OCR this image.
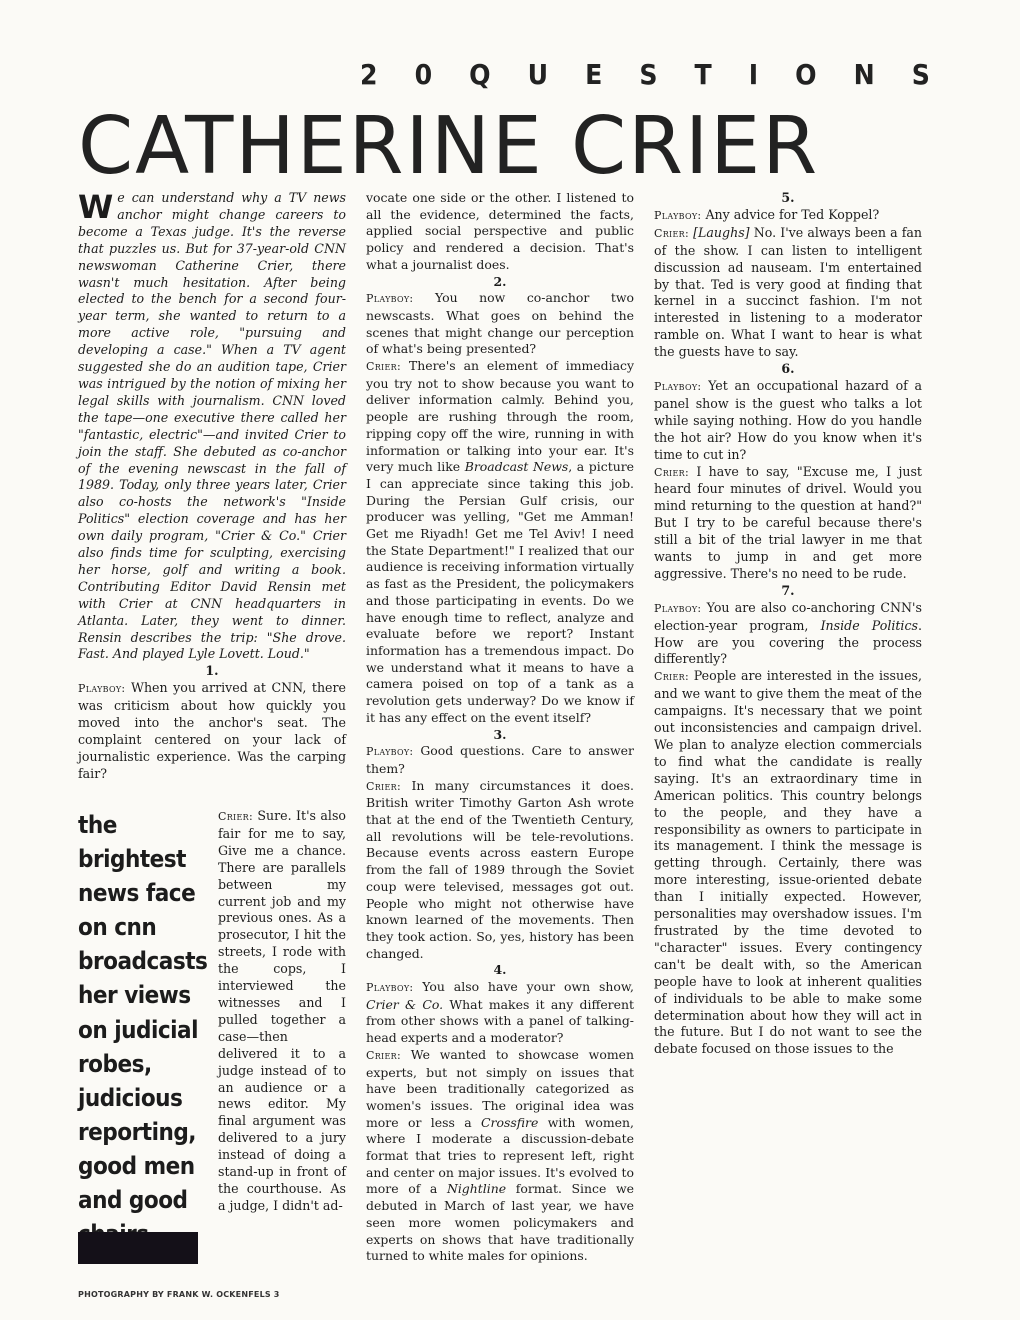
2 0 Q U E S T I O N S
CATHERINE CRIER

We can understand why a TV news anchor might change careers to become a Texas judge. It's the reverse that puzzles us. But for 37-year-old CNN newswoman Catherine Crier, there wasn't much hesitation. After being elected to the bench for a second four-year term, she wanted to return to a more active role, "pursuing and developing a case." When a TV agent suggested she do an audition tape, Crier was intrigued by the notion of mixing her legal skills with journalism. CNN loved the tape—one executive there called her "fantastic, electric"—and invited Crier to join the staff. She debuted as co-anchor of the evening newscast in the fall of 1989. Today, only three years later, Crier also co-hosts the network's "Inside Politics" election coverage and has her own daily program, "Crier & Co." Crier also finds time for sculpting, exercising her horse, golf and writing a book. Contributing Editor David Rensin met with Crier at CNN headquarters in Atlanta. Later, they went to dinner. Rensin describes the trip: "She drove. Fast. And played Lyle Lovett. Loud."

1.

Playboy: When you arrived at CNN, there was criticism about how quickly you moved into the anchor's seat. The complaint centered on your lack of journalistic experience. Was the carping fair?

the brightest
news face
on cnn
broadcasts
her views
on judicial
robes,
judicious
reporting,
good men
and good
Crier: Sure. It's also fair for me to say, Give me a chance. There are parallels between my current job and my previous ones. As a prosecutor, I hit the streets, I rode with the cops, I interviewed the witnesses and I pulled together a case—then delivered it to a judge instead of to an audience or a news editor. My final argument was delivered to a jury instead of doing a stand-up in front of the courthouse. As a judge, I didn't ad-

vocate one side or the other. I listened to all the evidence, determined the facts, applied social perspective and public policy and rendered a decision. That's what a journalist does.

2.

Playboy: You now co-anchor two newscasts. What goes on behind the scenes that might change our perception of what's being presented?

Crier: There's an element of immediacy you try not to show because you want to deliver information calmly. Behind you, people are rushing through the room, ripping copy off the wire, running in with information or talking into your ear. It's very much like Broadcast News, a picture I can appreciate since taking this job. During the Persian Gulf crisis, our producer was yelling, "Get me Amman! Get me Riyadh! Get me Tel Aviv! I need the State Department!" I realized that our audience is receiving information virtually as fast as the President, the policymakers and those participating in events. Do we have enough time to reflect, analyze and evaluate before we report? Instant information has a tremendous impact. Do we understand what it means to have a camera poised on top of a tank as a revolution gets underway? Do we know if it has any effect on the event itself?

3.

Playboy: Good questions. Care to answer them?

Crier: In many circumstances it does. British writer Timothy Garton Ash wrote that at the end of the Twentieth Century, all revolutions will be tele-revolutions. Because events across eastern Europe from the fall of 1989 through the Soviet coup were televised, messages got out. People who might not otherwise have known learned of the movements. Then they took action. So, yes, history has been changed.

4.

Playboy: You also have your own show, Crier & Co. What makes it any different from other shows with a panel of talking-head experts and a moderator?

Crier: We wanted to showcase women experts, but not simply on issues that have been traditionally categorized as women's issues. The original idea was more or less a Crossfire with women, where I moderate a discussion-debate format that tries to represent left, right and center on major issues. It's evolved to more of a Nightline format. Since we debuted in March of last year, we have seen more women policymakers and experts on shows that have traditionally turned to white males for opinions.

5.

Playboy: Any advice for Ted Koppel?

Crier: [Laughs] No. I've always been a fan of the show. I can listen to intelligent discussion ad nauseam. I'm entertained by that. Ted is very good at finding that kernel in a succinct fashion. I'm not interested in listening to a moderator ramble on. What I want to hear is what the guests have to say.

6.

Playboy: Yet an occupational hazard of a panel show is the guest who talks a lot while saying nothing. How do you handle the hot air? How do you know when it's time to cut in?

Crier: I have to say, "Excuse me, I just heard four minutes of drivel. Would you mind returning to the question at hand?" But I try to be careful because there's still a bit of the trial lawyer in me that wants to jump in and get more aggressive. There's no need to be rude.

7.

Playboy: You are also co-anchoring CNN's election-year program, Inside Politics. How are you covering the process differently?

Crier: People are interested in the issues, and we want to give them the meat of the campaigns. It's necessary that we point out inconsistencies and campaign drivel. We plan to analyze election commercials to find what the candidate is really saying. It's an extraordinary time in American politics. This country belongs to the people, and they have a responsibility as owners to participate in its management. I think the message is getting through. Certainly, there was more interesting, issue-oriented debate than I initially expected. However, personalities may overshadow issues. I'm frustrated by the time devoted to "character" issues. Every contingency can't be dealt with, so the American people have to look at inherent qualities of individuals to be able to make some determination about how they will act in the future. But I do not want to see the debate focused on those issues to the

PHOTOGRAPHY BY FRANK W. OCKENFELS 3
